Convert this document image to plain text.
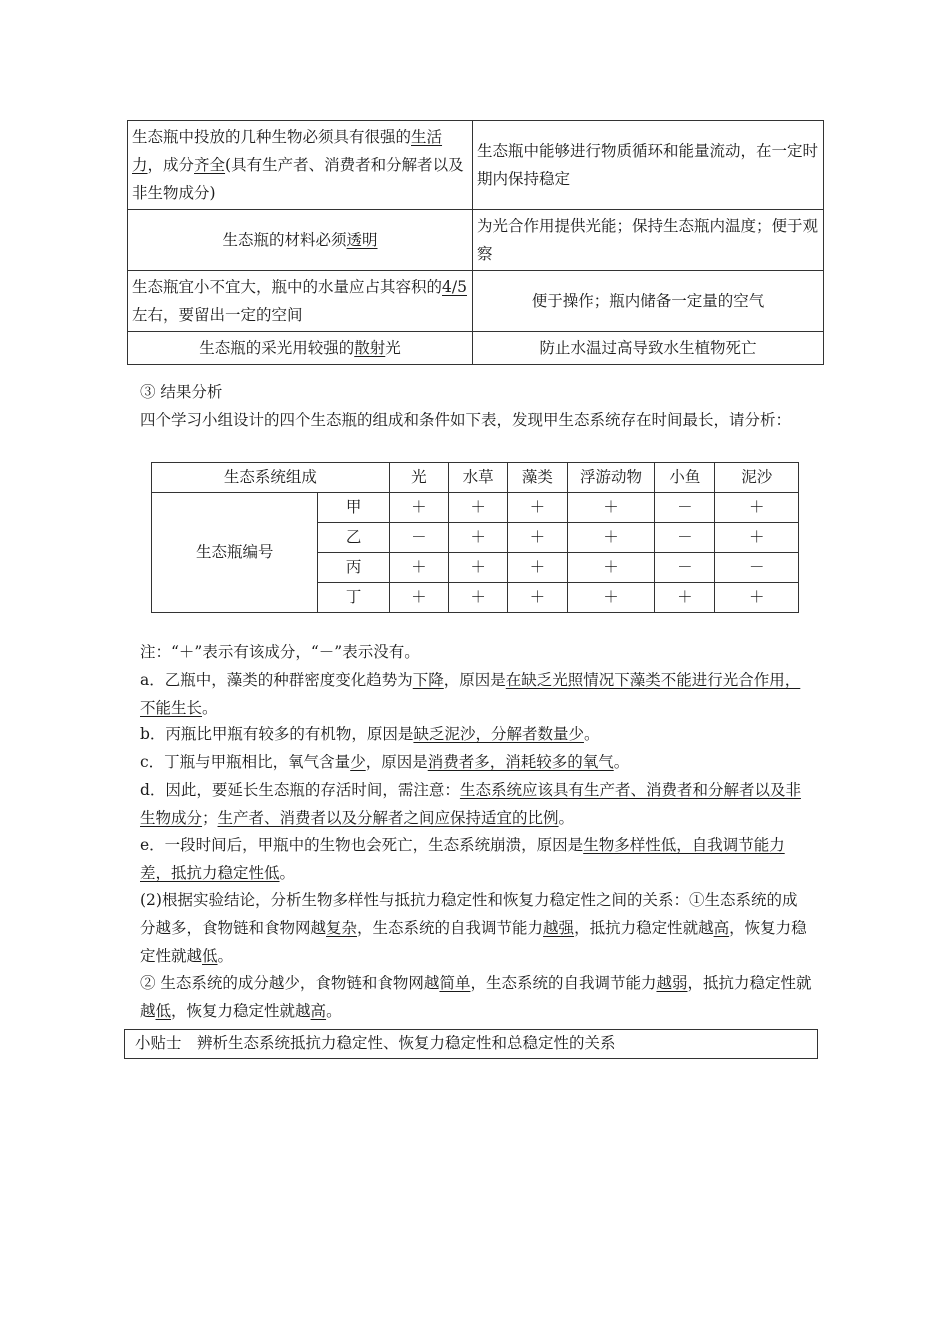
生态瓶中投放的几种生物必须具有很强的生活力，成分齐全(具有生产者、消费者和分解者以及非生物成分)	生态瓶中能够进行物质循环和能量流动，在一定时期内保持稳定
生态瓶的材料必须透明	为光合作用提供光能；保持生态瓶内温度；便于观察
生态瓶宜小不宜大，瓶中的水量应占其容积的4/5左右，要留出一定的空间	便于操作；瓶内储备一定量的空气
生态瓶的采光用较强的散射光	防止水温过高导致水生植物死亡
③ 结果分析
四个学习小组设计的四个生态瓶的组成和条件如下表，发现甲生态系统存在时间最长，请分析：
生态系统组成		光	水草	藻类	浮游动物	小鱼	泥沙
生态瓶编号	甲	＋	＋	＋	＋	－	＋
	乙	－	＋	＋	＋	－	＋
	丙	＋	＋	＋	＋	－	－
	丁	＋	＋	＋	＋	＋	＋
注：“＋”表示有该成分，“－”表示没有。
a．乙瓶中，藻类的种群密度变化趋势为下降，原因是在缺乏光照情况下藻类不能进行光合作用，不能生长。
b．丙瓶比甲瓶有较多的有机物，原因是缺乏泥沙，分解者数量少。
c．丁瓶与甲瓶相比，氧气含量少，原因是消费者多，消耗较多的氧气。
d．因此，要延长生态瓶的存活时间，需注意：生态系统应该具有生产者、消费者和分解者以及非生物成分；生产者、消费者以及分解者之间应保持适宜的比例。
e．一段时间后，甲瓶中的生物也会死亡，生态系统崩溃，原因是生物多样性低，自我调节能力差，抵抗力稳定性低。
(2)根据实验结论，分析生物多样性与抵抗力稳定性和恢复力稳定性之间的关系：①生态系统的成分越多，食物链和食物网越复杂，生态系统的自我调节能力越强，抵抗力稳定性就越高，恢复力稳定性就越低。
② 生态系统的成分越少，食物链和食物网越简单，生态系统的自我调节能力越弱，抵抗力稳定性就越低，恢复力稳定性就越高。
小贴士　辨析生态系统抵抗力稳定性、恢复力稳定性和总稳定性的关系
